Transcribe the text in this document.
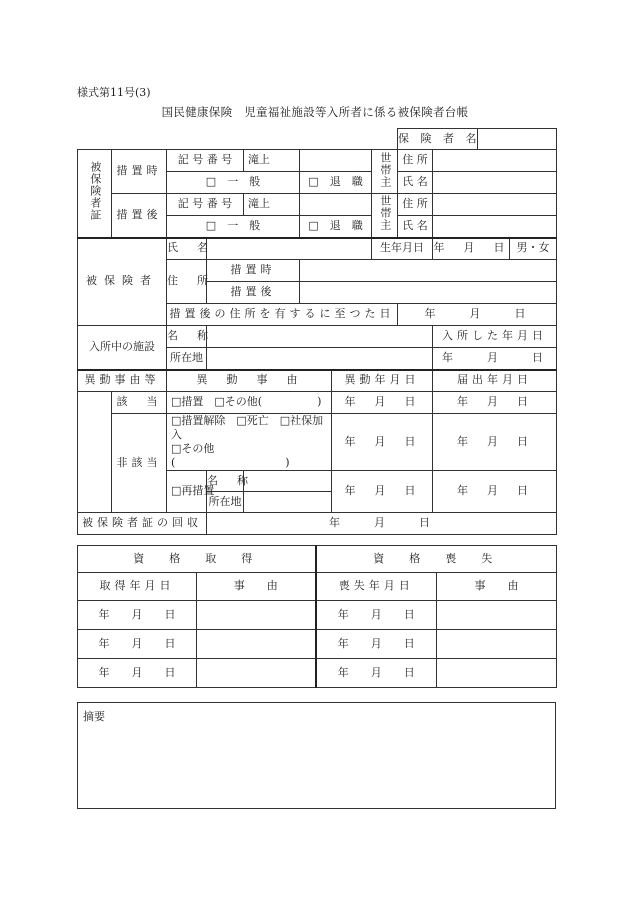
様式第11号(3)
国民健康保険　児童福祉施設等入所者に係る被保険者台帳
								保 険 者 名			
被保険者証	措置時	記 号 番 号		滝上			世帯主	住 所			
		□　一　般			□　退　職			氏 名			
	措置後	記 号 番 号		滝上			世帯主	住 所			
		□　一　般			□　退　職			氏 名			
被保険者		氏　名					生年月日		年　月　日		男・女
		住　所	措置時								
			措置後								
		措置後の住所を有するに至つた日						年　　月　　日			
入所中の施設		名　称							入所した年月日		
		所在地							年　　月　　日		
異動事由等		異　動　事　由				異動年月日			届出年月日		
	該　当	□措置　□その他(　　　　　)				年　月　日			年　月　日		
	非該当	□措置解除　□死亡　□社保加入
□その他(　　　　　　　　　　)				年　月　日			年　月　日		
		□再措置	名　称			年　月　日			年　月　日		
			所在地								
被保険者証の回収			年　　月　　日								
資　格　取　得		資　格　喪　失	
取得年月日	事　　由	喪失年月日	事　　由
年　　月　　日		年　　月　　日	
年　　月　　日		年　　月　　日	
年　　月　　日		年　　月　　日	
摘要
